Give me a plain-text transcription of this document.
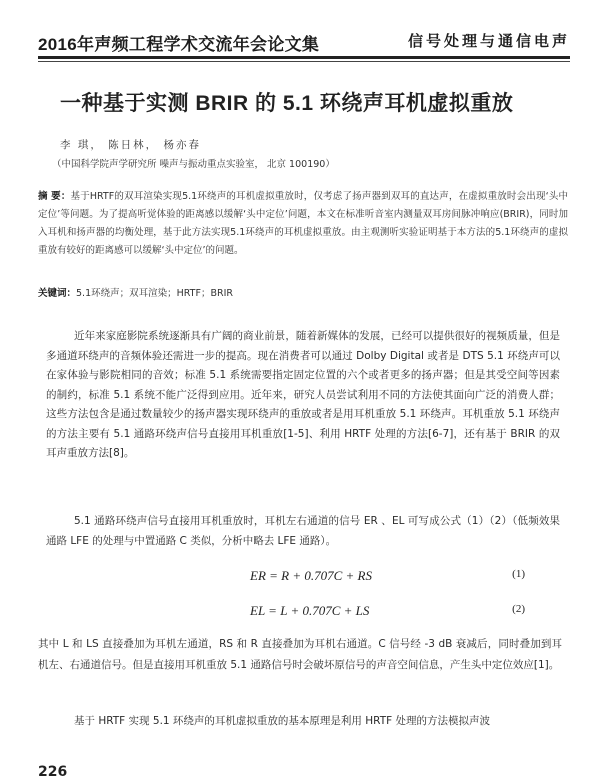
2016年声频工程学术交流年会论文集	信号处理与通信电声
一种基于实测 BRIR 的 5.1 环绕声耳机虚拟重放
李 琪， 陈日林， 杨亦春
（中国科学院声学研究所 噪声与振动重点实验室， 北京 100190）
摘 要：基于HRTF的双耳渲染实现5.1环绕声的耳机虚拟重放时，仅考虑了扬声器到双耳的直达声，在虚拟重放时会出现‘头中定位’等问题。为了提高听觉体验的距离感以缓解‘头中定位’问题，本文在标准听音室内测量双耳房间脉冲响应(BRIR)，同时加入耳机和扬声器的均衡处理，基于此方法实现5.1环绕声的耳机虚拟重放。由主观测听实验证明基于本方法的5.1环绕声的虚拟重放有较好的距离感可以缓解‘头中定位’的问题。
关键词：5.1环绕声；双耳渲染；HRTF；BRIR
近年来家庭影院系统逐渐具有广阔的商业前景，随着新媒体的发展，已经可以提供很好的视频质量，但是多通道环绕声的音频体验还需进一步的提高。现在消费者可以通过 Dolby Digital 或者是 DTS 5.1 环绕声可以在家体验与影院相同的音效；标准 5.1 系统需要指定固定位置的六个或者更多的扬声器；但是其受空间等因素的制约，标准 5.1 系统不能广泛得到应用。近年来，研究人员尝试利用不同的方法使其面向广泛的消费人群；这些方法包含是通过数量较少的扬声器实现环绕声的重放或者是用耳机重放 5.1 环绕声。耳机重放 5.1 环绕声的方法主要有 5.1 通路环绕声信号直接用耳机重放[1-5]、利用 HRTF 处理的方法[6-7]，还有基于 BRIR 的双耳声重放方法[8]。
5.1 通路环绕声信号直接用耳机重放时，耳机左右通道的信号 ER 、EL 可写成公式（1）（2）（低频效果通路 LFE 的处理与中置通路 C 类似，分析中略去 LFE 通路）。
ER = R + 0.707C + RS	(1)
EL = L + 0.707C + LS	(2)
其中 L 和 LS 直接叠加为耳机左通道，RS 和 R 直接叠加为耳机右通道。C 信号经 -3 dB 衰减后，同时叠加到耳机左、右通道信号。但是直接用耳机重放 5.1 通路信号时会破坏原信号的声音空间信息，产生头中定位效应[1]。
基于 HRTF 实现 5.1 环绕声的耳机虚拟重放的基本原理是利用 HRTF 处理的方法模拟声波
226
